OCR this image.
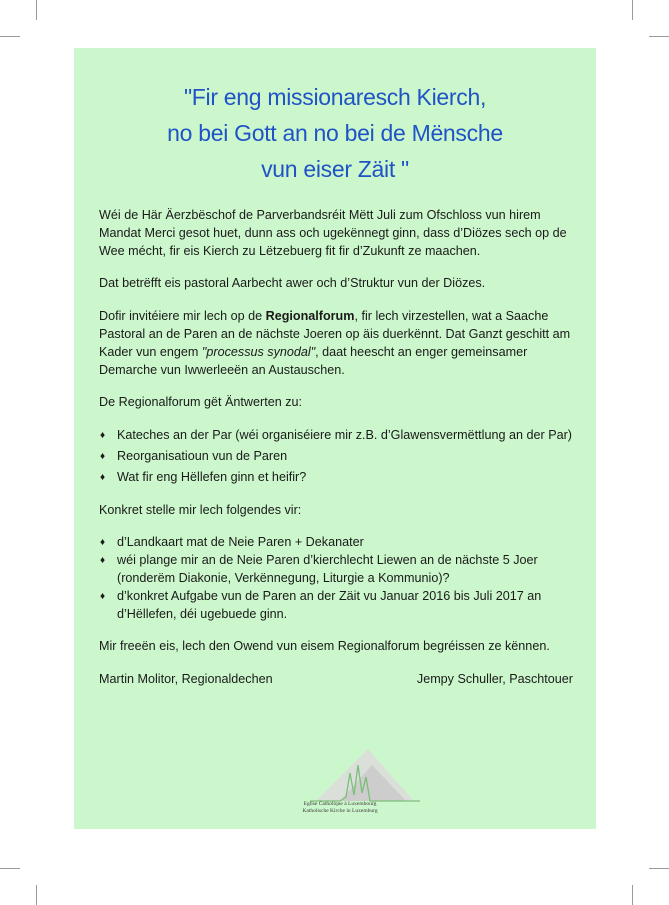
"Fir eng missionaresch Kierch,
no bei Gott an no bei de Mënsche
vun eiser Zäit "

Wéi de Här Äerzbëschof de Parverbandsréit Mëtt Juli zum Ofschloss vun hirem Mandat Merci gesot huet, dunn ass och ugekënnegt ginn, dass d’Diözes sech op de Wee mécht, fir eis Kierch zu Lëtzebuerg fit fir d’Zukunft ze maachen.

Dat betrëfft eis pastoral Aarbecht awer och d’Struktur vun der Diözes.

Dofir invitéiere mir lech op de Regionalforum, fir lech virzestellen, wat a Saache Pastoral an de Paren an de nächste Joeren op äis duerkënnt. Dat Ganzt geschitt am Kader vun engem "processus synodal", daat heescht an enger gemeinsamer Demarche vun Iwwerleeën an Austauschen.

De Regionalforum gët Äntwerten zu:

♦ Kateches an der Par (wéi organiséiere mir z.B. d’Glawensvermëttlung an der Par)
♦ Reorganisatioun vun de Paren
♦ Wat fir eng Hëllefen ginn et heifir?

Konkret stelle mir lech folgendes vir:

♦ d’Landkaart mat de Neie Paren + Dekanater
♦ wéi plange mir an de Neie Paren d’kierchlecht Liewen an de nächste 5 Joer (ronderëm Diakonie, Verkënnegung, Liturgie a Kommunio)?
♦ d’konkret Aufgabe vun de Paren an der Zäit vu Januar 2016 bis Juli 2017 an d’Hëllefen, déi ugebuede ginn.

Mir freeën eis, lech den Owend vun eisem Regionalforum begréissen ze kënnen.

Martin Molitor, Regionaldechen	Jempy Schuller, Paschtouer
Eglise Catholique à Luxembourg
Katholische Kirche in Luxemburg
